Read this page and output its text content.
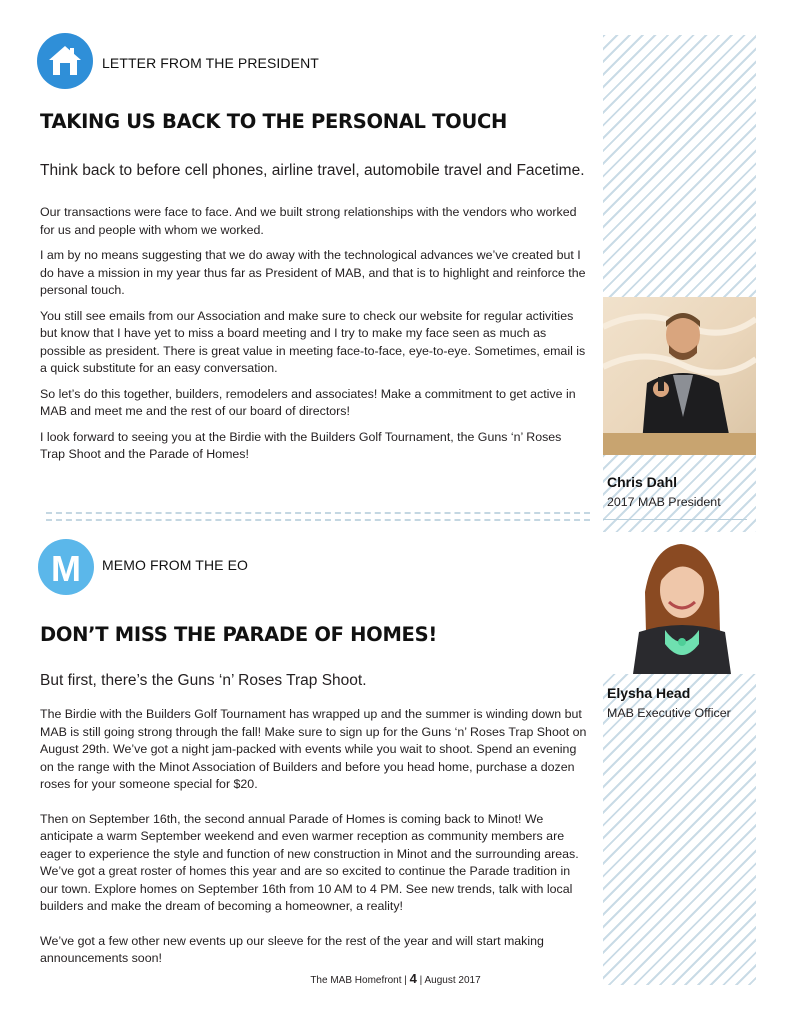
LETTER FROM THE PRESIDENT
TAKING US BACK TO THE PERSONAL TOUCH
Think back to before cell phones, airline travel, automobile travel and Facetime.

Our transactions were face to face. And we built strong relationships with the vendors who worked for us and people with whom we worked.

I am by no means suggesting that we do away with the technological advances we’ve created but I do have a mission in my year thus far as President of MAB, and that is to highlight and reinforce the personal touch.

You still see emails from our Association and make sure to check our website for regular activities but know that I have yet to miss a board meeting and I try to make my face seen as much as possible as president. There is great value in meeting face-to-face, eye-to-eye. Sometimes, email is a quick substitute for an easy conversation.

So let’s do this together, builders, remodelers and associates! Make a commitment to get active in MAB and meet me and the rest of our board of directors!

I look forward to seeing you at the Birdie with the Builders Golf Tournament, the Guns ‘n’ Roses Trap Shoot and the Parade of Homes!

M MEMO FROM THE EO
DON’T MISS THE PARADE OF HOMES!
But first, there’s the Guns ‘n’ Roses Trap Shoot.

The Birdie with the Builders Golf Tournament has wrapped up and the summer is winding down but MAB is still going strong through the fall! Make sure to sign up for the Guns ‘n’ Roses Trap Shoot on August 29th. We’ve got a night jam-packed with events while you wait to shoot. Spend an evening on the range with the Minot Association of Builders and before you head home, purchase a dozen roses for your someone special for $20.

Then on September 16th, the second annual Parade of Homes is coming back to Minot! We anticipate a warm September weekend and even warmer reception as community members are eager to experience the style and function of new construction in Minot and the surrounding areas. We’ve got a great roster of homes this year and are so excited to continue the Parade tradition in our town. Explore homes on September 16th from 10 AM to 4 PM. See new trends, talk with local builders and make the dream of becoming a homeowner, a reality!

We’ve got a few other new events up our sleeve for the rest of the year and will start making announcements soon!

Chris Dahl
2017 MAB President
Elysha Head
MAB Executive Officer
The MAB Homefront | 4 | August 2017
